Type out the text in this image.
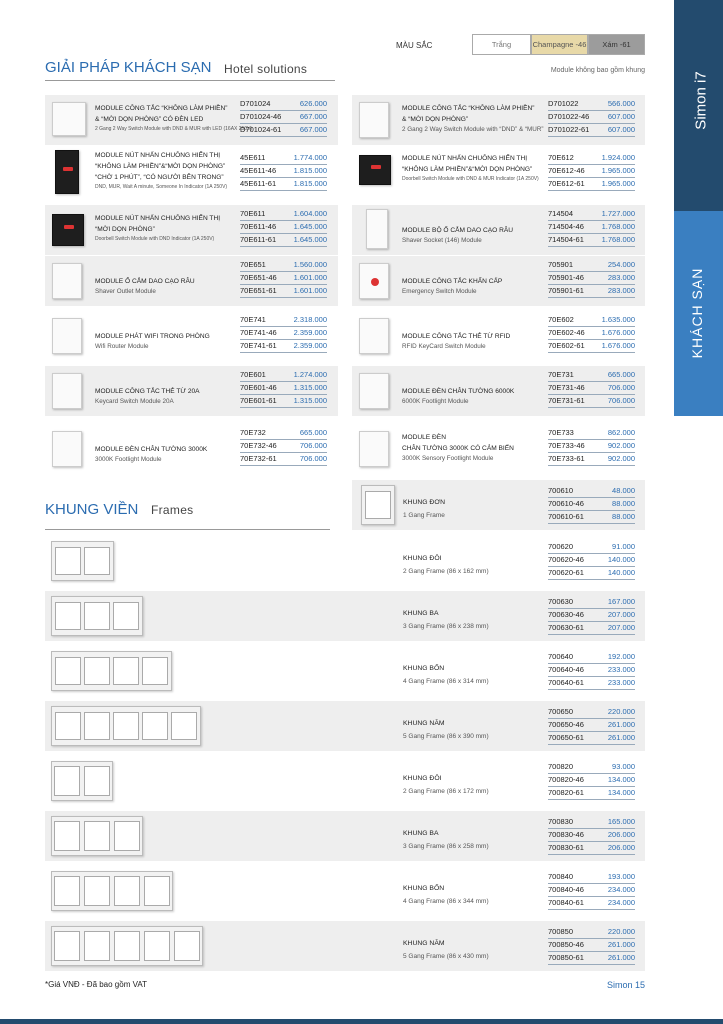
Simon i7
KHÁCH SẠN
MÀU SẮC	Trắng	Champagne -46	Xám -61
Module không bao gồm khung
GIẢI PHÁP KHÁCH SẠN Hotel solutions
MODULE CÔNG TẮC “KHÔNG LÀM PHIỀN”
& “MỜI DỌN PHÒNG” CÓ ĐÈN LED
2 Gang 2 Way Switch Module with DND & MUR with LED (16AX 250V)
D701024	626.000
D701024-46 667.000
D701024-61 667.000
MODULE NÚT NHẤN CHUÔNG HIỂN THỊ
“KHÔNG LÀM PHIỀN”&“MỜI DỌN PHÒNG”
“CHỜ 1 PHÚT”, “CÓ NGƯỜI BÊN TRONG”
DND, MUR, Wait A minute, Someone In Indicator (1A 250V)
45E611	1.774.000
45E611-46 1.815.000
45E611-61 1.815.000
MODULE NÚT NHẤN CHUÔNG HIỂN THỊ
“MỜI DỌN PHÒNG”
Doorbell Switch Module with DND Indicator (1A 250V)
70E611	1.604.000
70E611-46 1.645.000
70E611-61 1.645.000
MODULE Ổ CẮM DAO CẠO RÂU
Shaver Outlet Module
70E651	1.560.000
70E651-46 1.601.000
70E651-61 1.601.000
MODULE PHÁT WIFI TRONG PHÒNG
Wifi Router Module
70E741	2.318.000
70E741-46 2.359.000
70E741-61 2.359.000
MODULE CÔNG TẮC THẺ TỪ 20A
Keycard Switch Module 20A
70E601	1.274.000
70E601-46 1.315.000
70E601-61 1.315.000
MODULE ĐÈN CHÂN TƯỜNG 3000K
3000K Footlight Module
70E732	665.000
70E732-46	706.000
70E732-61	706.000
MODULE CÔNG TẮC “KHÔNG LÀM PHIỀN”
& “MỜI DỌN PHÒNG”
2 Gang 2 Way Switch Module with “DND” & “MUR”
D701022	566.000
D701022-46 607.000
D701022-61 607.000
MODULE NÚT NHẤN CHUÔNG HIỂN THỊ
“KHÔNG LÀM PHIỀN”&“MỜI DỌN PHÒNG”
Doorbell Switch Module with DND & MUR Indicator (1A 250V)
70E612	1.924.000
70E612-46 1.965.000
70E612-61 1.965.000
MODULE BỘ Ổ CẮM DAO CẠO RÂU
Shaver Socket (146) Module
714504	1.727.000
714504-46 1.768.000
714504-61 1.768.000
MODULE CÔNG TẮC KHẨN CẤP
Emergency Switch Module
705901	254.000
705901-46	283.000
705901-61	283.000
MODULE CÔNG TẮC THẺ TỪ RFID
RFID KeyCard Switch Module
70E602	1.635.000
70E602-46 1.676.000
70E602-61 1.676.000
MODULE ĐÈN CHÂN TƯỜNG 6000K
6000K Footlight Module
70E731	665.000
70E731-46	706.000
70E731-61	706.000
MODULE ĐÈN
CHÂN TƯỜNG 3000K CÓ CẢM BIẾN
3000K Sensory Footlight Module
70E733	862.000
70E733-46	902.000
70E733-61	902.000
KHUNG VIỀN Frames
KHUNG ĐƠN
1 Gang Frame
700610	48.000
700610-46	88.000
700610-61	88.000
KHUNG ĐÔI
2 Gang Frame (86 x 162 mm)
700620	91.000
700620-46	140.000
700620-61	140.000
KHUNG BA
3 Gang Frame (86 x 238 mm)
700630	167.000
700630-46	207.000
700630-61	207.000
KHUNG BỐN
4 Gang Frame (86 x 314 mm)
700640	192.000
700640-46	233.000
700640-61	233.000
KHUNG NĂM
5 Gang Frame (86 x 390 mm)
700650	220.000
700650-46	261.000
700650-61	261.000
KHUNG ĐÔI
2 Gang Frame (86 x 172 mm)
700820	93.000
700820-46	134.000
700820-61	134.000
KHUNG BA
3 Gang Frame (86 x 258 mm)
700830	165.000
700830-46	206.000
700830-61	206.000
KHUNG BỐN
4 Gang Frame (86 x 344 mm)
700840	193.000
700840-46	234.000
700840-61	234.000
KHUNG NĂM
5 Gang Frame (86 x 430 mm)
700850	220.000
700850-46	261.000
700850-61	261.000
*Giá VNĐ - Đã bao gồm VAT	Simon 15
